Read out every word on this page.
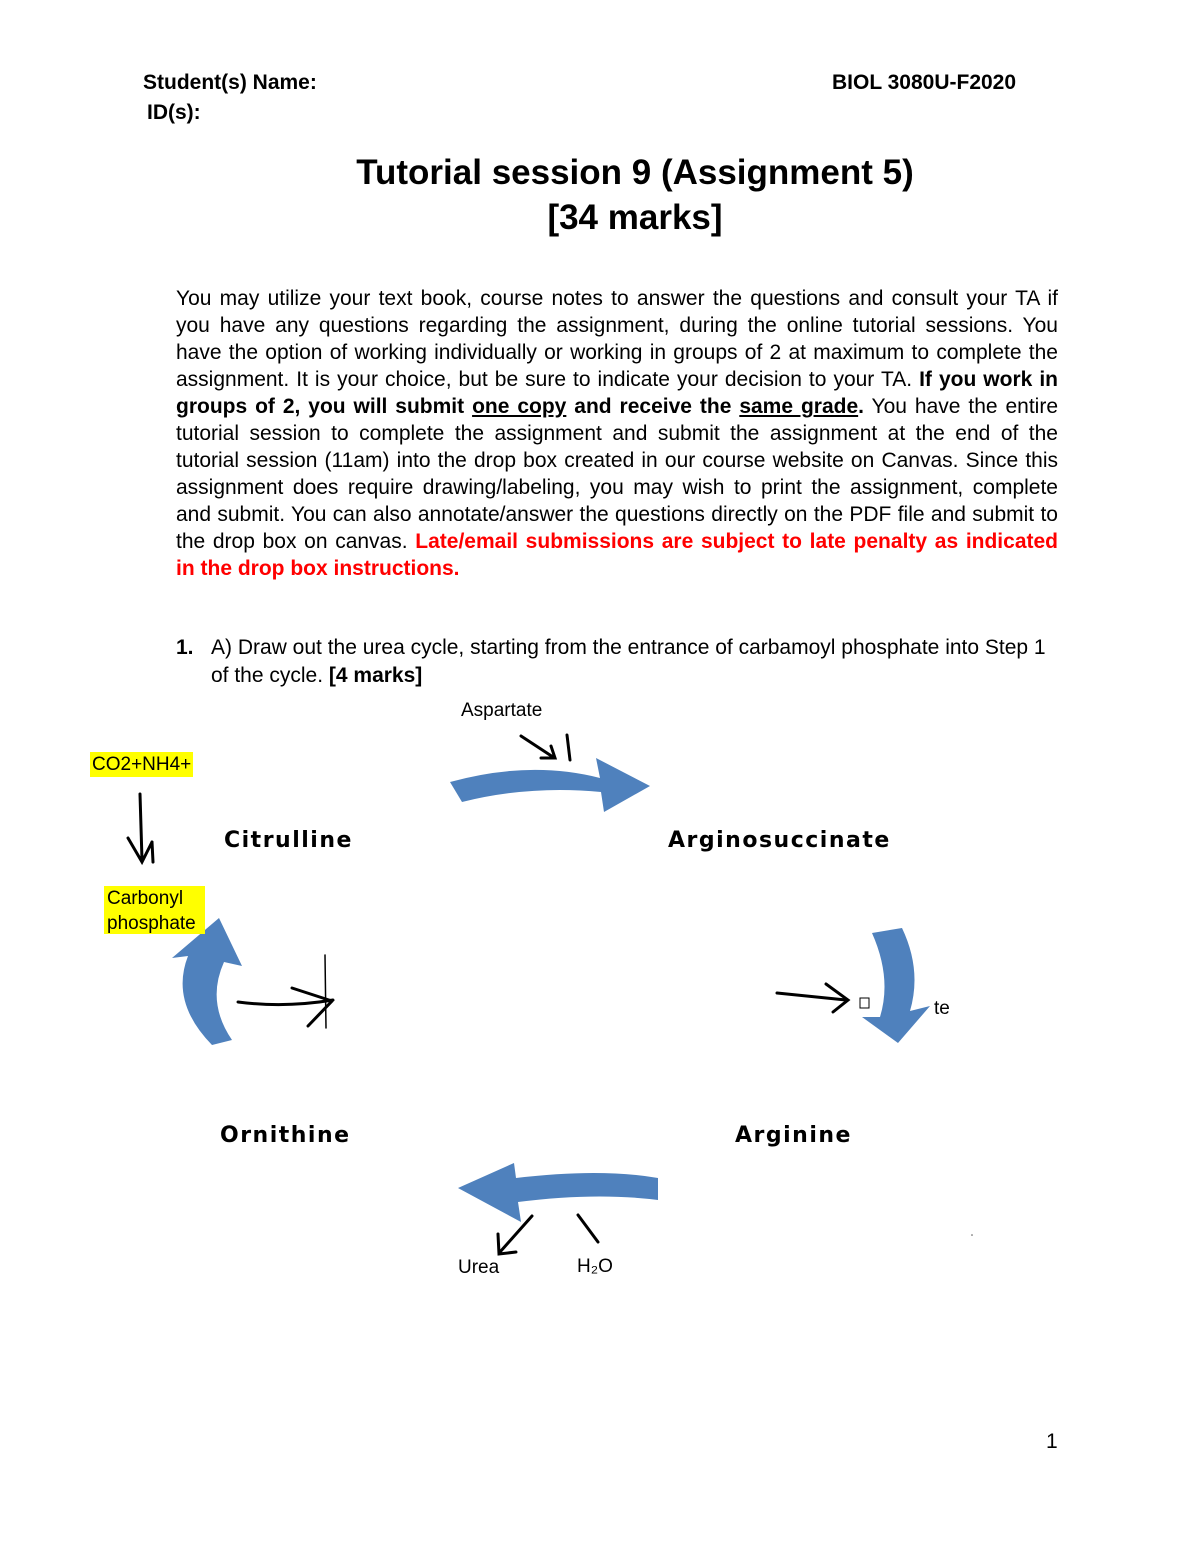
Student(s) Name:
ID(s):
BIOL 3080U-F2020
Tutorial session 9 (Assignment 5)
[34 marks]
You may utilize your text book, course notes to answer the questions and consult your TA if you have any questions regarding the assignment, during the online tutorial sessions. You have the option of working individually or working in groups of 2 at maximum to complete the assignment. It is your choice, but be sure to indicate your decision to your TA. If you work in groups of 2, you will submit one copy and receive the same grade. You have the entire tutorial session to complete the assignment and submit the assignment at the end of the tutorial session (11am) into the drop box created in our course website on Canvas. Since this assignment does require drawing/labeling, you may wish to print the assignment, complete and submit. You can also annotate/answer the questions directly on the PDF file and submit to the drop box on canvas. Late/email submissions are subject to late penalty as indicated in the drop box instructions.
1. A) Draw out the urea cycle, starting from the entrance of carbamoyl phosphate into Step 1 of the cycle. [4 marks]
Citrulline	Arginosuccinate
Ornithine	Arginine
Aspartate
CO2+NH4+
Carbonyl
phosphate
Urea	H₂O
te
1
